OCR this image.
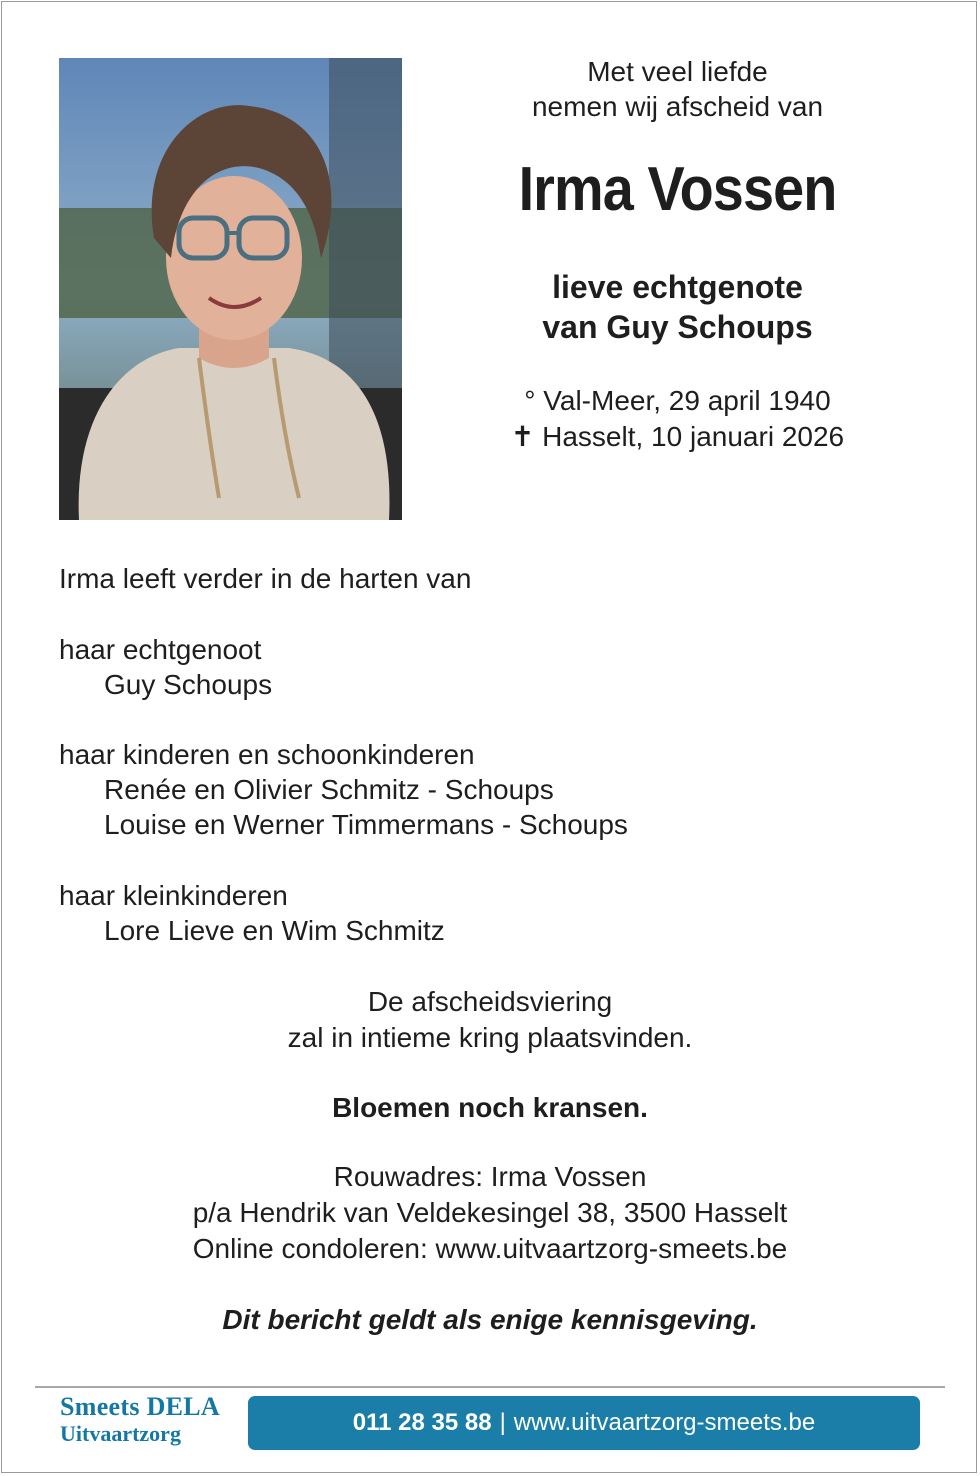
Met veel liefde
nemen wij afscheid van
Irma Vossen
lieve echtgenote
van Guy Schoups
° Val-Meer, 29 april 1940
✝ Hasselt, 10 januari 2026
Irma leeft verder in de harten van
haar echtgenoot
Guy Schoups
haar kinderen en schoonkinderen
Renée en Olivier Schmitz - Schoups
Louise en Werner Timmermans - Schoups
haar kleinkinderen
Lore Lieve en Wim Schmitz
De afscheidsviering
zal in intieme kring plaatsvinden.
Bloemen noch kransen.
Rouwadres: Irma Vossen
p/a Hendrik van Veldekesingel 38, 3500 Hasselt
Online condoleren: www.uitvaartzorg-smeets.be
Dit bericht geldt als enige kennisgeving.
Smeets DELA
Uitvaartzorg	011 28 35 88 | www.uitvaartzorg-smeets.be
